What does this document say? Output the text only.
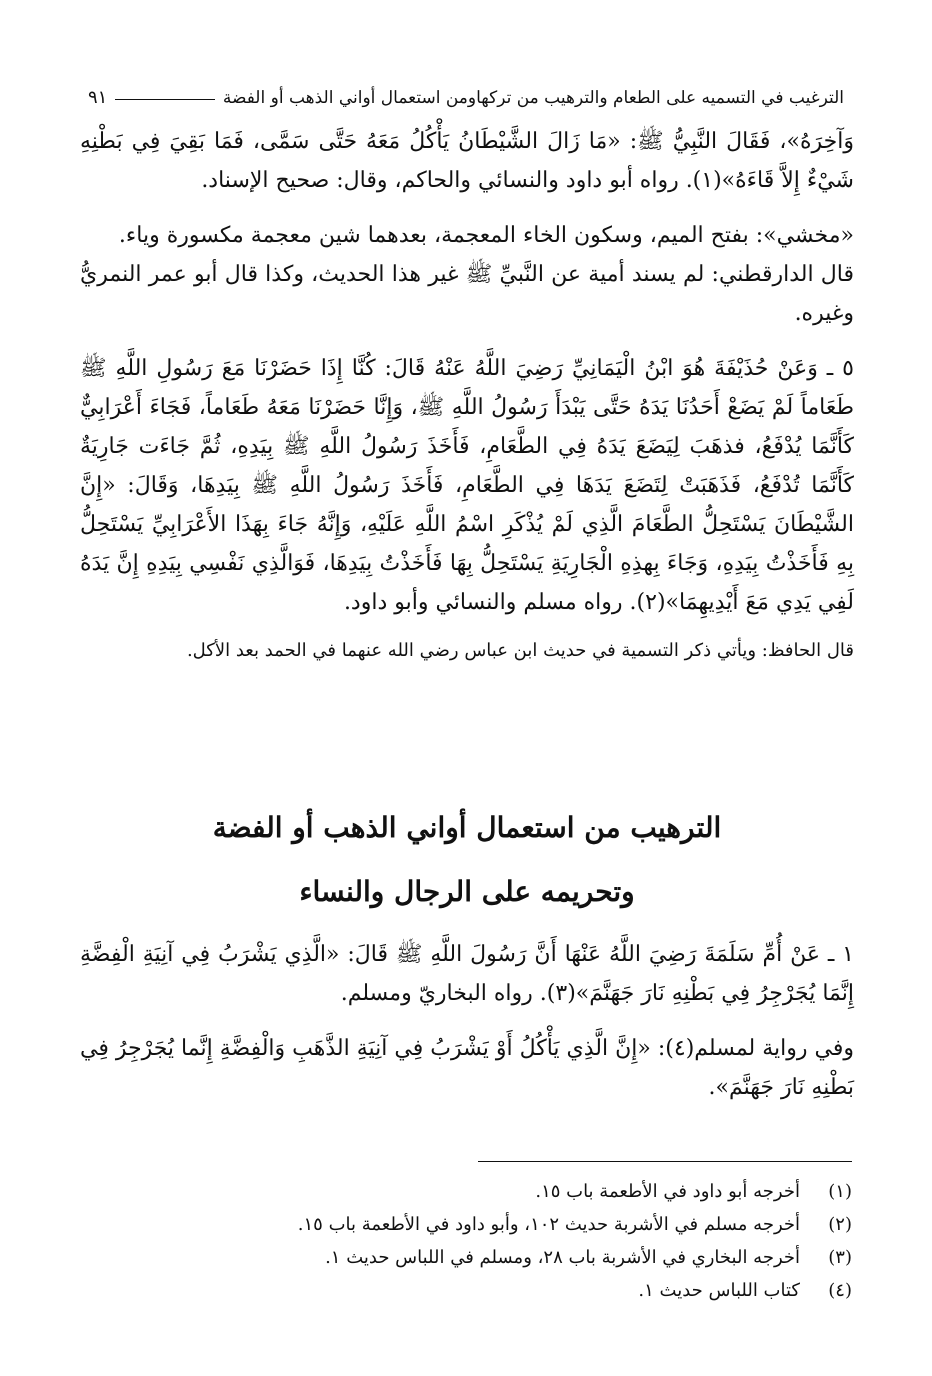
الترغيب في التسميه على الطعام والترهيب من تركهاومن استعمال أواني الذهب أو الفضة
٩١

وَآخِرَهُ»، فَقَالَ النَّبِيُّ ﷺ: «مَا زَالَ الشَّيْطَانُ يَأْكُلُ مَعَهُ حَتَّى سَمَّى، فَمَا بَقِيَ فِي بَطْنِهِ شَيْءٌ إِلاَّ قَاءَهُ»(١). رواه أبو داود والنسائي والحاكم، وقال: صحيح الإسناد.

«مخشي»: بفتح الميم، وسكون الخاء المعجمة، بعدهما شين معجمة مكسورة وياء.

قال الدارقطني: لم يسند أمية عن النَّبيِّ ﷺ غير هذا الحديث، وكذا قال أبو عمر النمريُّ وغيره.

٥ ـ وَعَنْ حُذَيْفَةَ هُوَ ابْنُ الْيَمَانِيِّ رَضِيَ اللَّهُ عَنْهُ قَالَ: كُنَّا إِذَا حَضَرْنَا مَعَ رَسُولِ اللَّهِ ﷺ طَعَاماً لَمْ يَضَعْ أَحَدُنَا يَدَهُ حَتَّى يَبْدَأَ رَسُولُ اللَّهِ ﷺ، وَإِنَّا حَضَرْنَا مَعَهُ طَعَاماً، فَجَاءَ أَعْرَابِيٌّ كَأَنَّمَا يُدْفَعُ، فذهَبَ لِيَضَعَ يَدَهُ فِي الطَّعَامِ، فَأَخَذَ رَسُولُ اللَّهِ ﷺ بِيَدِهِ، ثُمَّ جَاءَت جَارِيَةٌ كَأَنَّمَا تُدْفَعُ، فَذَهَبَتْ لِتَضَعَ يَدَهَا فِي الطَّعَامِ، فَأَخَذَ رَسُولُ اللَّهِ ﷺ بِيَدِهَا، وَقَالَ: «إِنَّ الشَّيْطَانَ يَسْتَحِلُّ الطَّعَامَ الَّذِي لَمْ يُذْكَرِ اسْمُ اللَّهِ عَلَيْهِ، وَإِنَّهُ جَاءَ بِهَذَا الأَعْرَابِيِّ يَسْتَحِلُّ بِهِ فَأَخَذْتُ بِيَدِهِ، وَجَاءَ بِهذِهِ الْجَارِيَةِ يَسْتَحِلُّ بِهَا فَأَخَذْتُ بِيَدِهَا، فَوَالَّذِي نَفْسِي بِيَدِهِ إِنَّ يَدَهُ لَفِي يَدِي مَعَ أَيْدِيهِمَا»(٢). رواه مسلم والنسائي وأبو داود.

قال الحافظ: ويأتي ذكر التسمية في حديث ابن عباس رضي الله عنهما في الحمد بعد الأكل.

الترهيب من استعمال أواني الذهب أو الفضة
وتحريمه على الرجال والنساء

١ ـ عَنْ أُمِّ سَلَمَةَ رَضِيَ اللَّهُ عَنْهَا أَنَّ رَسُولَ اللَّهِ ﷺ قَالَ: «الَّذِي يَشْرَبُ فِي آنِيَةِ الْفِضَّةِ إِنَّمَا يُجَرْجِرُ فِي بَطْنِهِ نَارَ جَهَنَّمَ»(٣). رواه البخاريّ ومسلم.

وفي رواية لمسلم(٤): «إِنَّ الَّذِي يَأْكُلُ أَوْ يَشْرَبُ فِي آنِيَةِ الذَّهَبِ وَالْفِضَّةِ إِنَّما يُجَرْجِرُ فِي بَطْنِهِ نَارَ جَهَنَّمَ».

(١)
أخرجه أبو داود في الأطعمة باب ١٥.
(٢)
أخرجه مسلم في الأشربة حديث ١٠٢، وأبو داود في الأطعمة باب ١٥.
(٣)
أخرجه البخاري في الأشربة باب ٢٨، ومسلم في اللباس حديث ١.
(٤)
كتاب اللباس حديث ١.
